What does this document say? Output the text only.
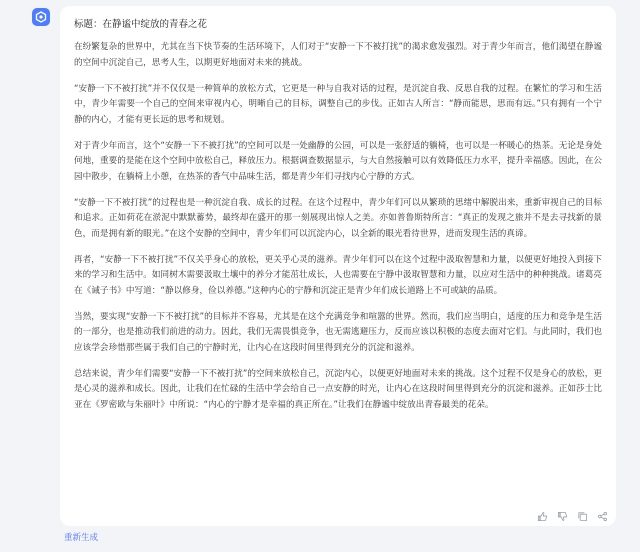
标题：在静谧中绽放的青春之花

在纷繁复杂的世界中，尤其在当下快节奏的生活环境下，人们对于“安静一下不被打扰”的渴求愈发强烈。对于青少年而言，他们渴望在静谧的空间中沉淀自己，思考人生，以期更好地面对未来的挑战。

“安静一下不被打扰”并不仅仅是一种简单的放松方式，它更是一种与自我对话的过程，是沉淀自我、反思自我的过程。在繁忙的学习和生活中，青少年需要一个自己的空间来审视内心，明晰自己的目标，调整自己的步伐。正如古人所言：“静而能思，思而有远。”只有拥有一个宁静的内心，才能有更长远的思考和规划。

对于青少年而言，这个“安静一下不被打扰”的空间可以是一处幽静的公园，可以是一张舒适的躺椅，也可以是一杯暖心的热茶。无论是身处何地，重要的是能在这个空间中放松自己，释放压力。根据调查数据显示，与大自然接触可以有效降低压力水平，提升幸福感。因此，在公园中散步，在躺椅上小憩，在热茶的香气中品味生活，都是青少年们寻找内心宁静的方式。

“安静一下不被打扰”的过程也是一种沉淀自我、成长的过程。在这个过程中，青少年们可以从繁琐的思绪中解脱出来，重新审视自己的目标和追求。正如荷花在淤泥中默默蓄势，最终却在盛开的那一刻展现出惊人之美。亦如普鲁斯特所言：“真正的发现之旅并不是去寻找新的景色，而是拥有新的眼光。”在这个安静的空间中，青少年们可以沉淀内心，以全新的眼光看待世界，进而发现生活的真谛。

再者，“安静一下不被打扰”不仅关乎身心的放松，更关乎心灵的滋养。青少年们可以在这个过程中汲取智慧和力量，以便更好地投入到接下来的学习和生活中。如同树木需要汲取土壤中的养分才能茁壮成长，人也需要在宁静中汲取智慧和力量，以应对生活中的种种挑战。诸葛亮在《诫子书》中写道：“静以修身，俭以养德。”这种内心的宁静和沉淀正是青少年们成长道路上不可或缺的品质。

当然，要实现“安静一下不被打扰”的目标并不容易，尤其是在这个充满竞争和喧嚣的世界。然而，我们应当明白，适度的压力和竞争是生活的一部分，也是推动我们前进的动力。因此，我们无需畏惧竞争，也无需逃避压力，反而应该以积极的态度去面对它们。与此同时，我们也应该学会珍惜那些属于我们自己的宁静时光，让内心在这段时间里得到充分的沉淀和滋养。

总结来说，青少年们需要“安静一下不被打扰”的空间来放松自己，沉淀内心，以便更好地面对未来的挑战。这个过程不仅是身心的放松，更是心灵的滋养和成长。因此，让我们在忙碌的生活中学会给自己一点安静的时光，让内心在这段时间里得到充分的沉淀和滋养。正如莎士比亚在《罗密欧与朱丽叶》中所说：“内心的宁静才是幸福的真正所在。”让我们在静谧中绽放出青春最美的花朵。

重新生成
